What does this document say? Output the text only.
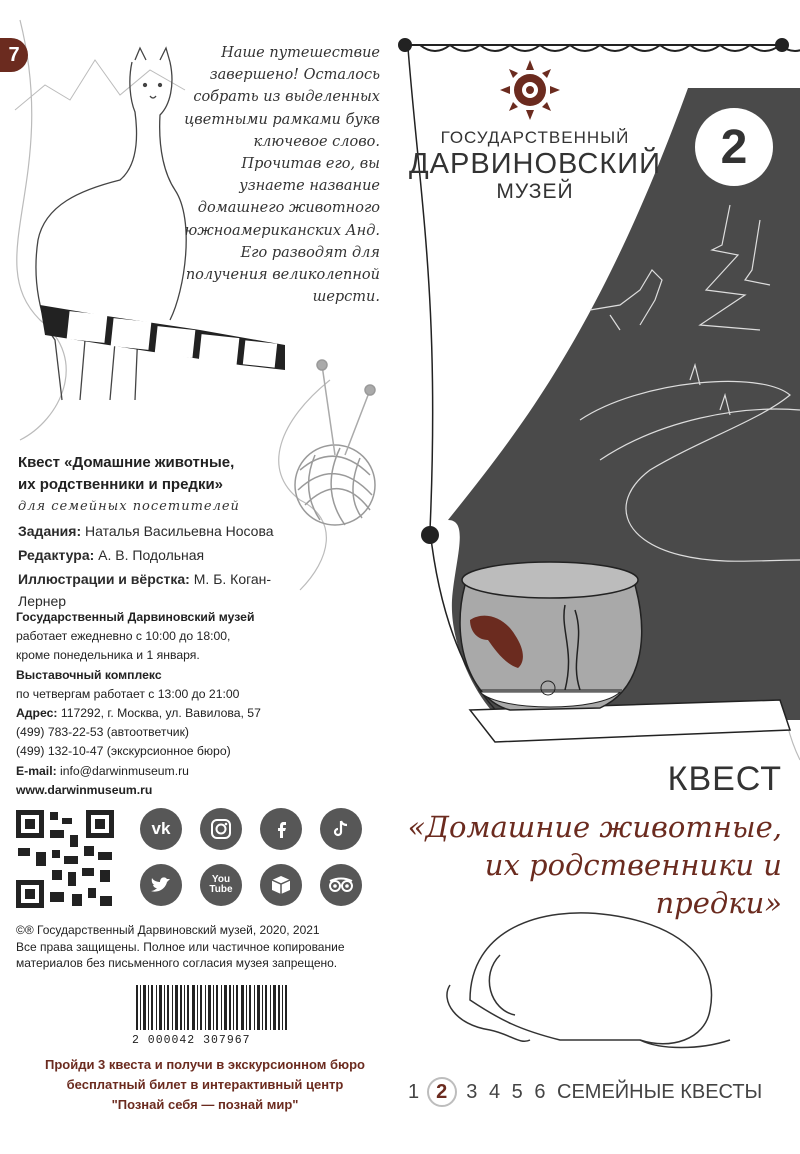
7	Наше путешествие завершено! Осталось собрать из выделенных цветными рамками букв ключевое слово. Прочитав его, вы узнаете название домашнего животного южноамериканских Анд. Его разводят для получения великолепной шерсти.
Квест «Домашние животные,
их родственники и предки»
для семейных посетителей
Задания: Наталья Васильевна Носова
Редактура: А. В. Подольная
Иллюстрации и вёрстка: М. Б. Коган-Лернер
Государственный Дарвиновский музей
работает ежедневно с 10:00 до 18:00,
кроме понедельника и 1 января.
Выставочный комплекс
по четвергам работает с 13:00 до 21:00
Адрес: 117292, г. Москва, ул. Вавилова, 57
(499) 783-22-53 (автоответчик)
(499) 132-10-47 (экскурсионное бюро)
E-mail: info@darwinmuseum.ru
www.darwinmuseum.ru
vk
You
Tube
©® Государственный Дарвиновский музей, 2020, 2021
Все права защищены. Полное или частичное копирование
материалов без письменного согласия музея запрещено.
2 000042 307967
Пройди 3 квеста и получи в экскурсионном бюро
бесплатный билет в интерактивный центр
"Познай себя — познай мир"
ГОСУДАРСТВЕННЫЙ
ДАРВИНОВСКИЙ
МУЗЕЙ
2
КВЕСТ
«Домашние животные,
их родственники и
предки»
1 2 3 4 5 6 СЕМЕЙНЫЕ КВЕСТЫ
